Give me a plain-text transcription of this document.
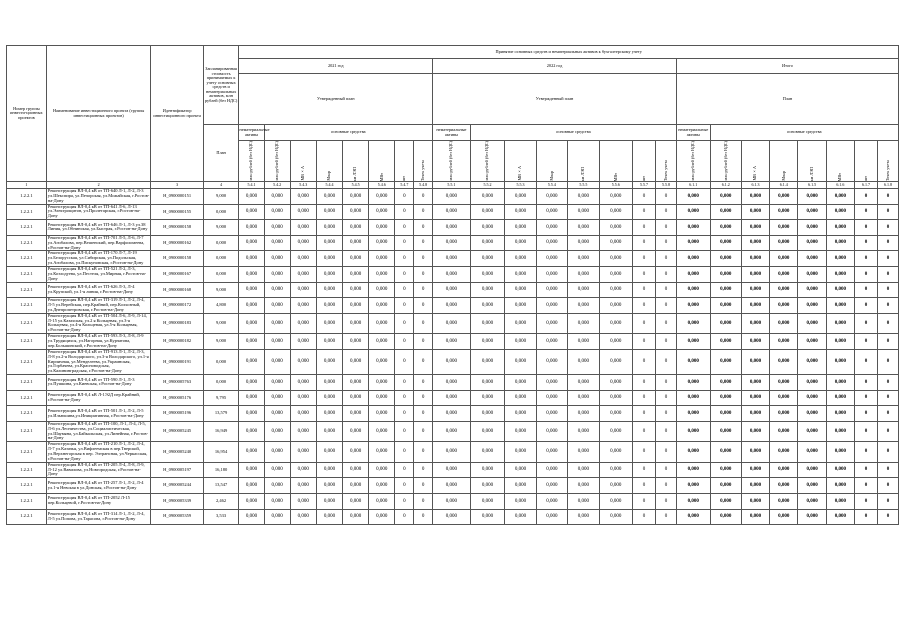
Номер группы инвести-ционных проектов	Наименование инвестиционного проекта (группы инвестиционных проектов)	Идентификатор инвестиционного проекта	Запланированная стоимость принимаемых к учету основных средств и нематериальных активов, млн рублей (без НДС)	Принятие основных средств и нематериальных активов к бухгалтерскому учету																							
				2021 год								2022 год								Итого							
				Утвержденный план								Утвержденный план								План							
			План	нематериальные активы	основные средства							нематериальные активы	основные средства							нематериальные активы	основные средства						

				млн рублей (без НДС)	млн рублей (без НДС)	МВ×А	Мвар	км ЛЭП	МВт	шт	Точек учета	млн рублей (без НДС)	млн рублей (без НДС)	МВ×А	Мвар	км ЛЭП	МВт	шт	Точек учета	млн рублей (без НДС)	млн рублей (без НДС)	МВ×А	Мвар	км ЛЭП	МВт	шт	Точек учета

1	2	3	4	5.4.1	5.4.2	5.4.3	5.4.4	5.4.5	5.4.6	5.4.7	5.4.8	5.5.1	5.5.2	5.5.3	5.5.4	5.5.5	5.5.6	5.5.7	5.5.8	6.1.1	6.1.2	6.1.3	6.1.4	6.1.5	6.1.6	6.1.7	6.1.8
1.2.2.1	Реконструкция ВЛ-0,4 кВ от ТП-640 Л-1, Л-2, Л-3 ул.Шекспира, ул.Печорская, ул.Можайская, г.Ростов-на-Дону	H_0900000151	9,000	0,000	0,000	0,000	0,000	0,000	0,000	0	0	0,000	0,000	0,000	0,000	0,000	0,000	0	0	0,000	0,000	0,000	0,000	0,000	0,000	0	0
1.2.2.1	Реконструкция ВЛ-0,4 кВ от ТП-641 Л-6, Л-13 ул.Электрощитов, ул.Пролетарская, г.Ростов-на-Дону	H_0900000155	0,000	0,000	0,000	0,000	0,000	0,000	0,000	0	0	0,000	0,000	0,000	0,000	0,000	0,000	0	0	0,000	0,000	0,000	0,000	0,000	0,000	0	0
1.2.2.1	Реконструкция ВЛ-0,4 кВ от ТП-646 Л-1, Л-3 ул.38 Линия, ул.Обнинская, ул.Быстрая, г.Ростов-на-Дону	H_0900000158	9,000	0,000	0,000	0,000	0,000	0,000	0,000	0	0	0,000	0,000	0,000	0,000	0,000	0,000	0	0	0,000	0,000	0,000	0,000	0,000	0,000	0	0
1.2.2.1	Реконструкция ВЛ-0,4 кВ от ТП-701 Л-5, Л-6, Л-7 ул.Агибалова, пер.Вешенский, пер.Варфоломеева, г.Ростов-на-Дону	H_0900000162	0,000	0,000	0,000	0,000	0,000	0,000	0,000	0	0	0,000	0,000	0,000	0,000	0,000	0,000	0	0	0,000	0,000	0,000	0,000	0,000	0,000	0	0
1.2.2.1	Реконструкция ВЛ-0,4 кВ от ТП-170 Л-7, Л-19 ул.Белорусская, ул.Сибирская, ул.Подольская, ул.Агибалова, ул.Пискуновская, г.Ростов-на-Дону	H_0900000158	0,000	0,000	0,000	0,000	0,000	0,000	0,000	0	0	0,000	0,000	0,000	0,000	0,000	0,000	0	0	0,000	0,000	0,000	0,000	0,000	0,000	0	0
1.2.2.1	Реконструкция ВЛ-0,4 кВ от ТП-521 Л-2, Л-3, ул.Козлодуева, ул.Пестеля, ул.Мирная, г.Ростов-на-Дону	H_0900000167	0,000	0,000	0,000	0,000	0,000	0,000	0,000	0	0	0,000	0,000	0,000	0,000	0,000	0,000	0	0	0,000	0,000	0,000	0,000	0,000	0,000	0	0
1.2.2.1	Реконструкция ВЛ-0,4 кВ от ТП-626 Л-3, Л-4 ул.Крупской, ул.1-я линия, г.Ростов-на-Дону	H_0900000168	9,000	0,000	0,000	0,000	0,000	0,000	0,000	0	0	0,000	0,000	0,000	0,000	0,000	0,000	0	0	0,000	0,000	0,000	0,000	0,000	0,000	0	0
1.2.2.1	Реконструкция ВЛ-0,4 кВ от ТП-319 Л-1, Л-2, Л-4, Л-5 ул.Верейская, пер.Крайний, пер.Колхозный, ул.Днепропетровская, г.Ростов-на-Дону	H_0900000172	4,800	0,000	0,000	0,000	0,000	0,000	0,000	0	0	0,000	0,000	0,000	0,000	0,000	0,000	0	0	0,000	0,000	0,000	0,000	0,000	0,000	0	0
1.2.2.1	Реконструкция ВЛ-0,4 кВ от ТП-504 Л-6, Л-9, Л-14, Л-15 ул.Казахская, ул.2 я Кольцевая, ул.3-я Кольцевая, ул.4-я Кольцевая, ул.5-я Кольцевая, г.Ростов-на-Дону	H_0900000183	9,000	0,000	0,000	0,000	0,000	0,000	0,000	0	0	0,000	0,000	0,000	0,000	0,000	0,000	0	0	0,000	0,000	0,000	0,000	0,000	0,000	0	0
1.2.2.1	Реконструкция ВЛ-0,4 кВ от ТП-593 Л-3, Л-8, Л-9 ул.Трудящихся, ул.Нагорная, ул.Курчатова, пер.Большинский, г.Ростов-на-Дону	H_0900000182	9,000	0,000	0,000	0,000	0,000	0,000	0,000	0	0	0,000	0,000	0,000	0,000	0,000	0,000	0	0	0,000	0,000	0,000	0,000	0,000	0,000	0	0
1.2.2.1	Реконструкция ВЛ-0,4 кВ от ТП-913 Л-1, Л-2, Л-3, Л-8 ул.2-я Володарского, ул.3-я Володарского, ул.1-я Кирпичная, ул.Менделеева, ул.Украинская, ул.Горбачева, ул.Красноводская, ул.Калининградская, г.Ростов-на-Дону	H_0900000191	0,000	0,000	0,000	0,000	0,000	0,000	0,000	0	0	0,000	0,000	0,000	0,000	0,000	0,000	0	0	0,000	0,000	0,000	0,000	0,000	0,000	0	0
1.2.2.1	Реконструкция ВЛ-0,4 кВ от ТП-590 Л-1, Л-3 ул.Пушкина, ул.Киевская, г.Ростов-на-Дону	H_0900005763	0,000	0,000	0,000	0,000	0,000	0,000	0,000	0	0	0,000	0,000	0,000	0,000	0,000	0,000	0	0	0,000	0,000	0,000	0,000	0,000	0,000	0	0
1.2.2.1	Реконструкция ВЛ-0,4 кВ Л-1Э2Д пер.Крайний, г.Ростов-на-Дону	H_0900005176	9,795	0,000	0,000	0,000	0,000	0,000	0,000	0	0	0,000	0,000	0,000	0,000	0,000	0,000	0	0	0,000	0,000	0,000	0,000	0,000	0,000	0	0
1.2.2.1	Реконструкция ВЛ-0,4 кВ от ТП-501 Л-1, Л-2, Л-5 ул.Ильюшина,ул.Инициативная, г.Ростов-на-Дону	H_0900005196	13,579	0,000	0,000	0,000	0,000	0,000	0,000	0	0	0,000	0,000	0,000	0,000	0,000	0,000	0	0	0,000	0,000	0,000	0,000	0,000	0,000	0	0
1.2.2.1	Реконструкция ВЛ-0,4 кВ от ТП-100, Л-1, Л-4, Л-5, Л-6 ул.Лесничества, ул.Социалистическая, ул.Шаумяна, ул.Байкальская, ул.Линейная, г.Ростов-на-Дону	H_0900005245	16,949	0,000	0,000	0,000	0,000	0,000	0,000	0	0	0,000	0,000	0,000	0,000	0,000	0,000	0	0	0,000	0,000	0,000	0,000	0,000	0,000	0	0
1.2.2.1	Реконструкция ВЛ-0,4 кВ от ТП-210 Л-1, Л-2, Л-4, Л-7 ул.Казачья, ул.Вифлеемская в пер.Тверской, ул.Верхнегорская в пер. Элтрансная, ул.Черкасская, г.Ростов-на-Дону	H_0900005240	16,954	0,000	0,000	0,000	0,000	0,000	0,000	0	0	0,000	0,000	0,000	0,000	0,000	0,000	0	0	0,000	0,000	0,000	0,000	0,000	0,000	0	0
1.2.2.1	Реконструкция ВЛ-0,4 кВ от ТП-205 Л-4, Л-8, Л-9, Л-12 ул.Вавилова, ул.Новгородская, г.Ростов-на-Дону	H_0900005197	16,180	0,000	0,000	0,000	0,000	0,000	0,000	0	0	0,000	0,000	0,000	0,000	0,000	0,000	0	0	0,000	0,000	0,000	0,000	0,000	0,000	0	0
1.2.2.1	Реконструкция ВЛ-0,4 кВ от ТП-257 Л-1, Л-2, Л-4 ул.1-я Невская в ул.Донская, г.Ростов-на-Дону	H_0900005244	13,547	0,000	0,000	0,000	0,000	0,000	0,000	0	0	0,000	0,000	0,000	0,000	0,000	0,000	0	0	0,000	0,000	0,000	0,000	0,000	0,000	0	0
1.2.2.1	Реконструкция ВЛ-0,4 кВ от ТП-2052 Л-15 пер.Кольцевой, г.Ростов-на-Дону	H_0900005339	2,462	0,000	0,000	0,000	0,000	0,000	0,000	0	0	0,000	0,000	0,000	0,000	0,000	0,000	0	0	0,000	0,000	0,000	0,000	0,000	0,000	0	0
1.2.2.1	Реконструкция ВЛ-0,4 кВ от ТП-314 Л-1, Л-2, Л-4, Л-5 ул.Попова, ул.Тарасова, г.Ростов-на-Дону	H_0900005359	3,533	0,000	0,000	0,000	0,000	0,000	0,000	0	0	0,000	0,000	0,000	0,000	0,000	0,000	0	0	0,000	0,000	0,000	0,000	0,000	0,000	0	0
